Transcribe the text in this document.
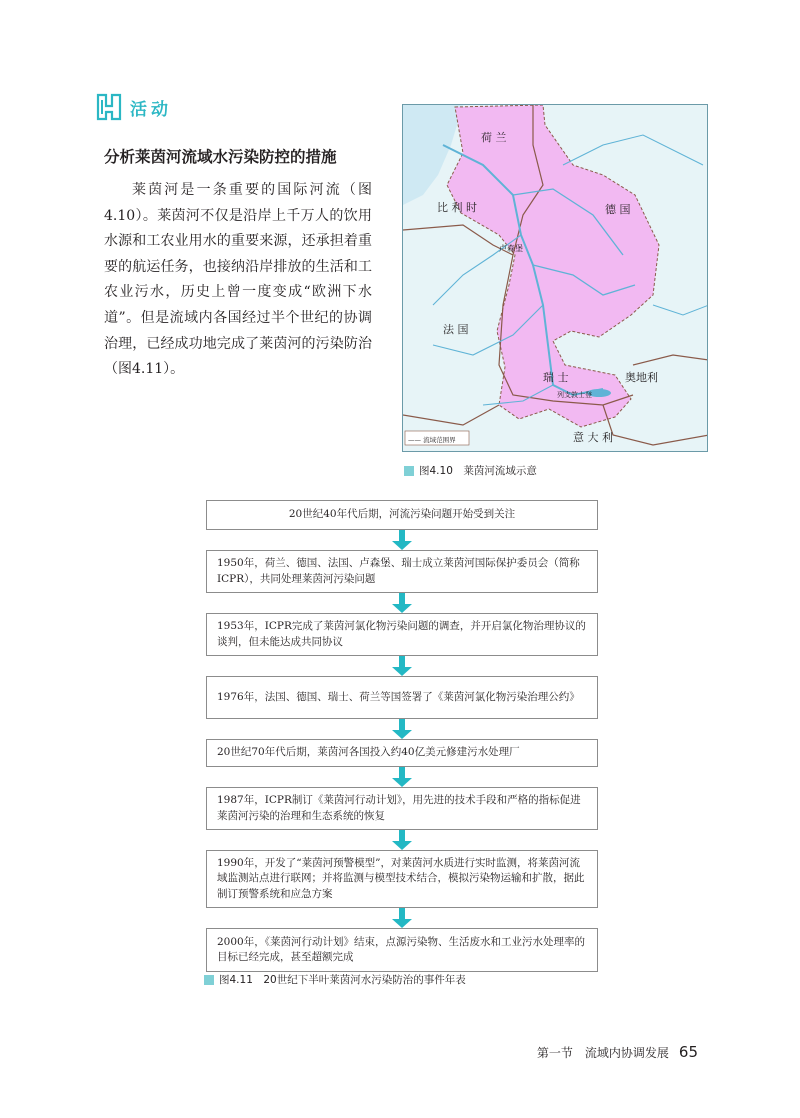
活动
分析莱茵河流域水污染防控的措施

莱茵河是一条重要的国际河流（图4.10）。莱茵河不仅是沿岸上千万人的饮用水源和工农业用水的重要来源，还承担着重要的航运任务，也接纳沿岸排放的生活和工农业污水，历史上曾一度变成“欧洲下水道”。但是流域内各国经过半个世纪的协调治理，已经成功地完成了莱茵河的污染防治（图4.11）。

荷 兰
比 利 时	德 国
卢森堡
法 国
瑞 士	奥地利
意 大 利
列支敦士登
—— 流域范围界
图4.10　莱茵河流域示意
20世纪40年代后期，河流污染问题开始受到关注
1950年，荷兰、德国、法国、卢森堡、瑞士成立莱茵河国际保护委员会（简称ICPR），共同处理莱茵河污染问题
1953年，ICPR完成了莱茵河氯化物污染问题的调查，并开启氯化物治理协议的谈判，但未能达成共同协议
1976年，法国、德国、瑞士、荷兰等国签署了《莱茵河氯化物污染治理公约》
20世纪70年代后期，莱茵河各国投入约40亿美元修建污水处理厂
1987年，ICPR制订《莱茵河行动计划》，用先进的技术手段和严格的指标促进莱茵河污染的治理和生态系统的恢复
1990年，开发了“莱茵河预警模型”，对莱茵河水质进行实时监测，将莱茵河流域监测站点进行联网；并将监测与模型技术结合，模拟污染物运输和扩散，据此制订预警系统和应急方案
2000年，《莱茵河行动计划》结束，点源污染物、生活废水和工业污水处理率的目标已经完成，甚至超额完成
图4.11　20世纪下半叶莱茵河水污染防治的事件年表
第一节　流域内协调发展 65
